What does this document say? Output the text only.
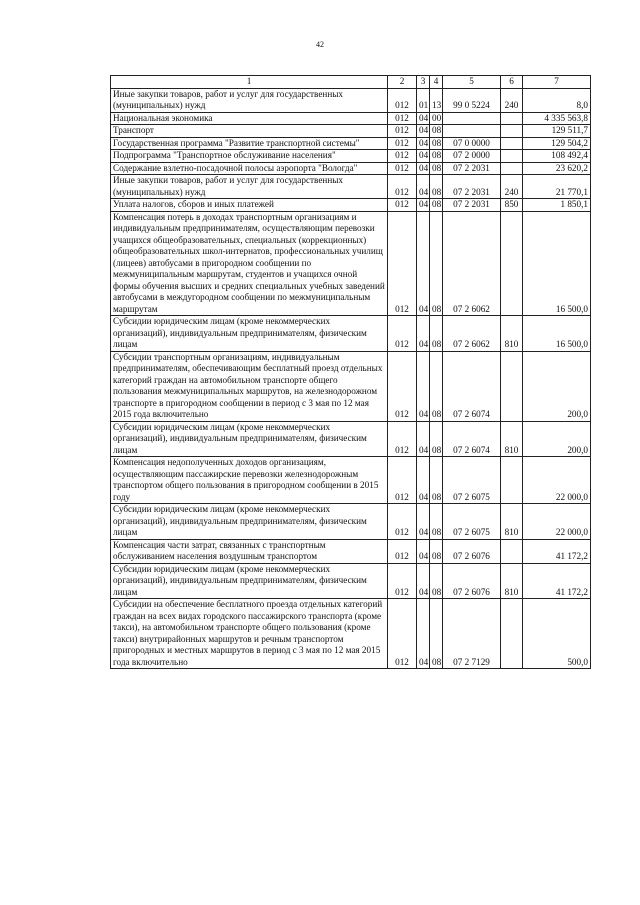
42
1	2	3	4	5	6	7
Иные закупки товаров, работ и услуг для государственных (муниципальных) нужд	012	01	13	99 0 5224	240	8,0
Национальная экономика	012	04	00			4 335 563,8
Транспорт	012	04	08			129 511,7
Государственная программа "Развитие транспортной системы"	012	04	08	07 0 0000		129 504,2
Подпрограмма "Транспортное обслуживание населения"	012	04	08	07 2 0000		108 492,4
Содержание взлетно-посадочной полосы аэропорта "Вологда"	012	04	08	07 2 2031		23 620,2
Иные закупки товаров, работ и услуг для государственных (муниципальных) нужд	012	04	08	07 2 2031	240	21 770,1
Уплата налогов, сборов и иных платежей	012	04	08	07 2 2031	850	1 850,1
Компенсация потерь в доходах транспортным организациям и индивидуальным предпринимателям, осуществляющим перевозки учащихся общеобразовательных, специальных (коррекционных) общеобразовательных школ-интернатов, профессиональных училищ (лицеев) автобусами в пригородном сообщении по межмуниципальным маршрутам, студентов и учащихся очной формы обучения высших и средних специальных учебных заведений автобусами в междугородном сообщении по межмуниципальным маршрутам	012	04	08	07 2 6062		16 500,0
Субсидии юридическим лицам (кроме некоммерческих организаций), индивидуальным предпринимателям, физическим лицам	012	04	08	07 2 6062	810	16 500,0
Субсидии транспортным организациям, индивидуальным предпринимателям, обеспечивающим бесплатный проезд отдельных категорий граждан на автомобильном транспорте общего пользования межмуниципальных маршрутов, на железнодорожном транспорте в пригородном сообщении в период с 3 мая по 12 мая 2015 года включительно	012	04	08	07 2 6074		200,0
Субсидии юридическим лицам (кроме некоммерческих организаций), индивидуальным предпринимателям, физическим лицам	012	04	08	07 2 6074	810	200,0
Компенсация недополученных доходов организациям, осуществляющим пассажирские перевозки железнодорожным транспортом общего пользования в пригородном сообщении в 2015 году	012	04	08	07 2 6075		22 000,0
Субсидии юридическим лицам (кроме некоммерческих организаций), индивидуальным предпринимателям, физическим лицам	012	04	08	07 2 6075	810	22 000,0
Компенсация части затрат, связанных с транспортным обслуживанием населения воздушным транспортом	012	04	08	07 2 6076		41 172,2
Субсидии юридическим лицам (кроме некоммерческих организаций), индивидуальным предпринимателям, физическим лицам	012	04	08	07 2 6076	810	41 172,2
Субсидии на обеспечение бесплатного проезда отдельных категорий граждан на всех видах городского пассажирского транспорта (кроме такси), на автомобильном транспорте общего пользования (кроме такси) внутрирайонных маршрутов и речным транспортом пригородных и местных маршрутов в период с 3 мая по 12 мая 2015 года включительно	012	04	08	07 2 7129		500,0
